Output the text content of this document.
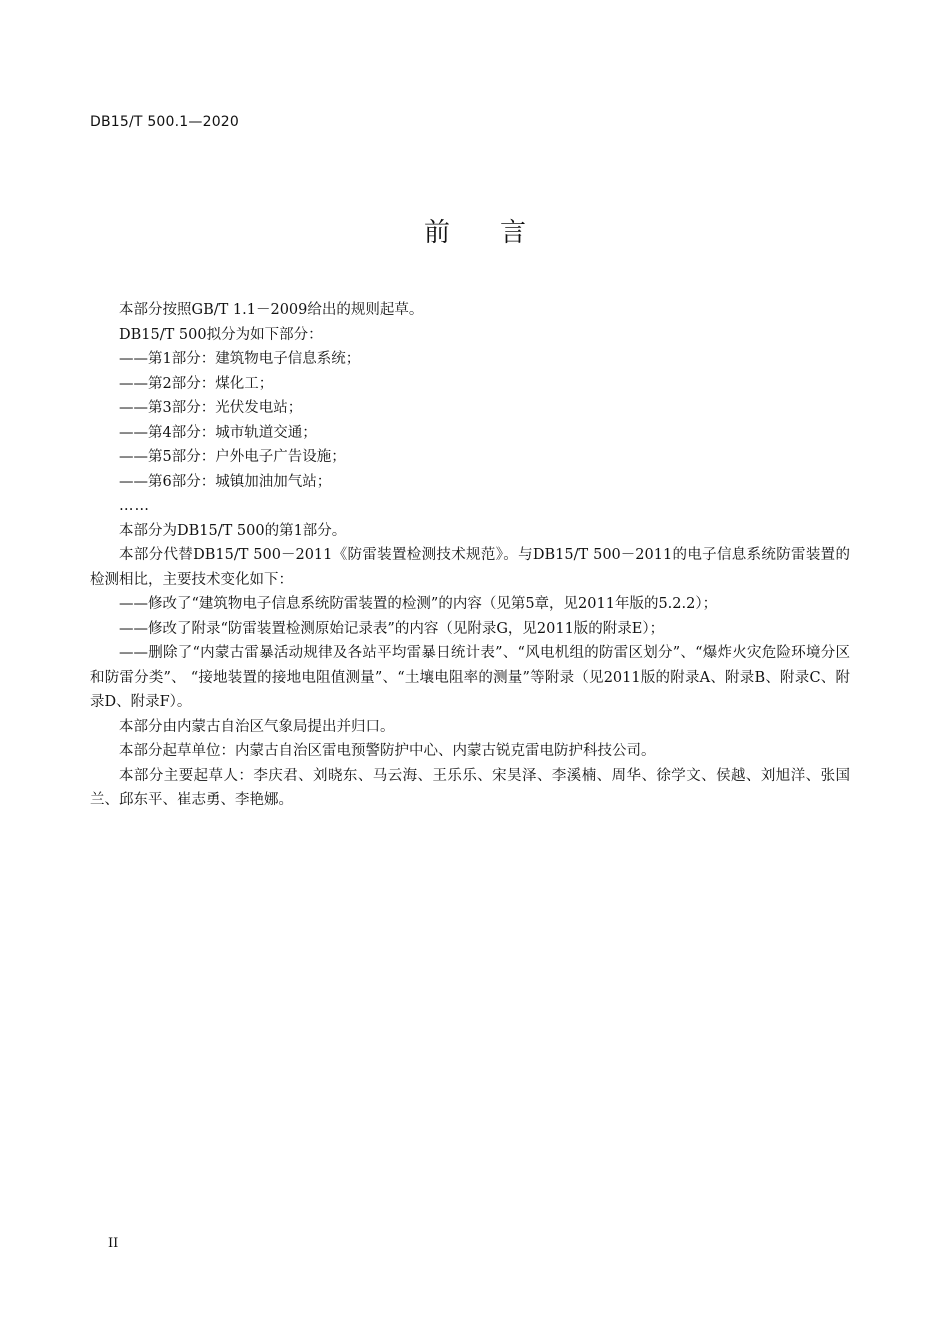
DB15/T 500.1—2020
前 言

本部分按照GB/T 1.1－2009给出的规则起草。

DB15/T 500拟分为如下部分：

——第1部分：建筑物电子信息系统；

——第2部分：煤化工；

——第3部分：光伏发电站；

——第4部分：城市轨道交通；

——第5部分：户外电子广告设施；

——第6部分：城镇加油加气站；

……

本部分为DB15/T 500的第1部分。

本部分代替DB15/T 500－2011《防雷装置检测技术规范》。与DB15/T 500－2011的电子信息系统防雷装置的检测相比，主要技术变化如下：

——修改了“建筑物电子信息系统防雷装置的检测”的内容（见第5章，见2011年版的5.2.2）；

——修改了附录“防雷装置检测原始记录表”的内容（见附录G，见2011版的附录E）；

——删除了“内蒙古雷暴活动规律及各站平均雷暴日统计表”、“风电机组的防雷区划分”、“爆炸火灾危险环境分区和防雷分类”、 “接地装置的接地电阻值测量”、“土壤电阻率的测量”等附录（见2011版的附录A、附录B、附录C、附录D、附录F）。

本部分由内蒙古自治区气象局提出并归口。

本部分起草单位：内蒙古自治区雷电预警防护中心、内蒙古锐克雷电防护科技公司。

本部分主要起草人：李庆君、刘晓东、马云海、王乐乐、宋昊泽、李溪楠、周华、徐学文、侯越、刘旭洋、张国兰、邱东平、崔志勇、李艳娜。

II
